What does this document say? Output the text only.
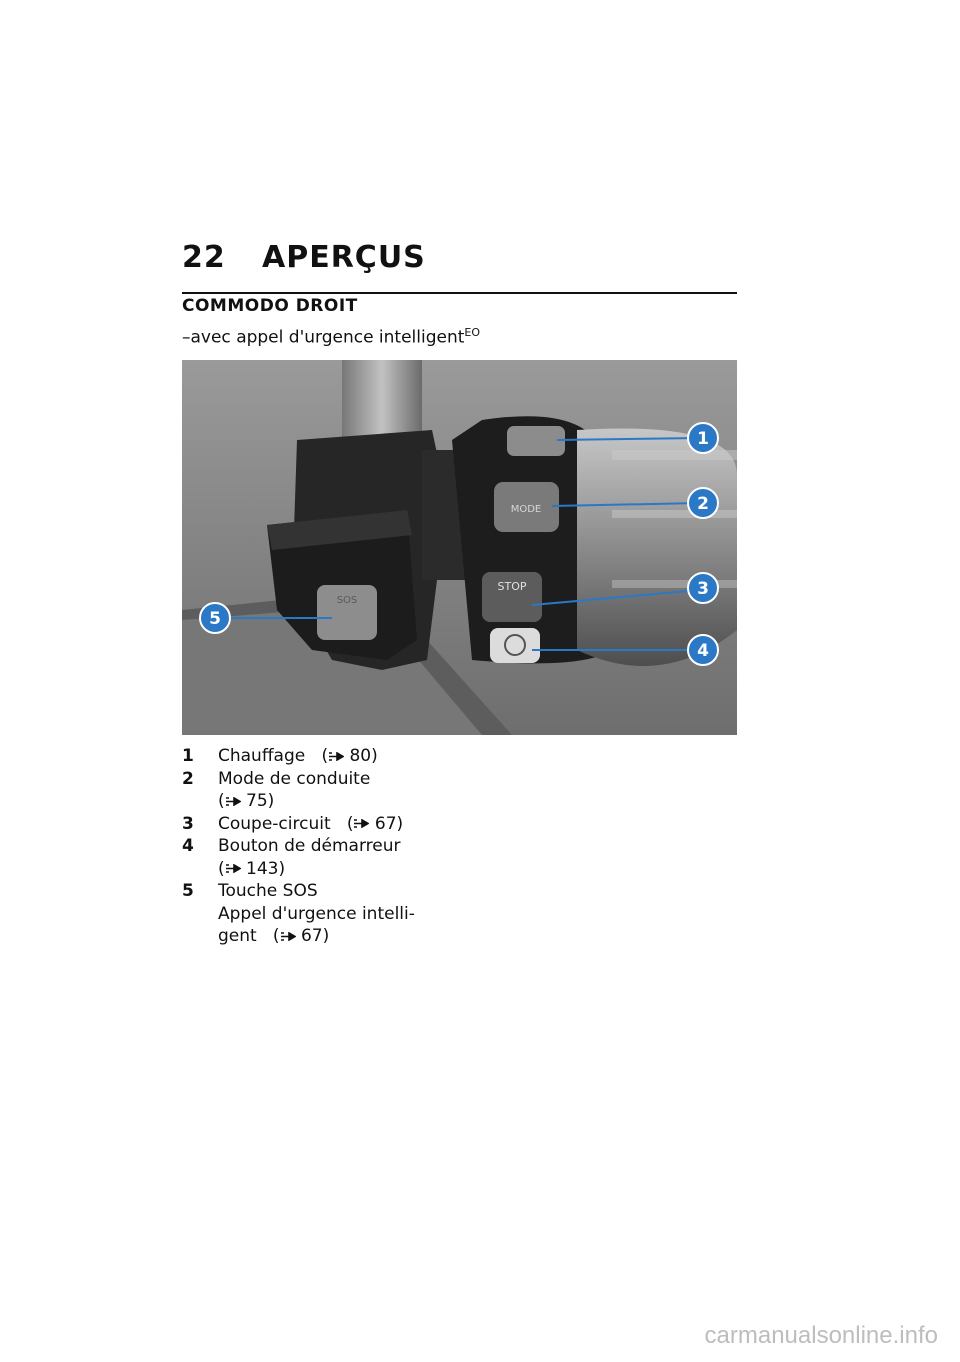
22 APERÇUS
COMMODO DROIT
–avec appel d'urgence intelligent$^{EO}$
SOS
MODE
STOP
1
2
3
4
5
1 Chauffage ( 80)
2 Mode de conduite
( 75)
3 Coupe-circuit ( 67)
4 Bouton de démarreur
( 143)
5 Touche SOS
Appel d'urgence intelli-
gent ( 67)
carmanualsonline.info
